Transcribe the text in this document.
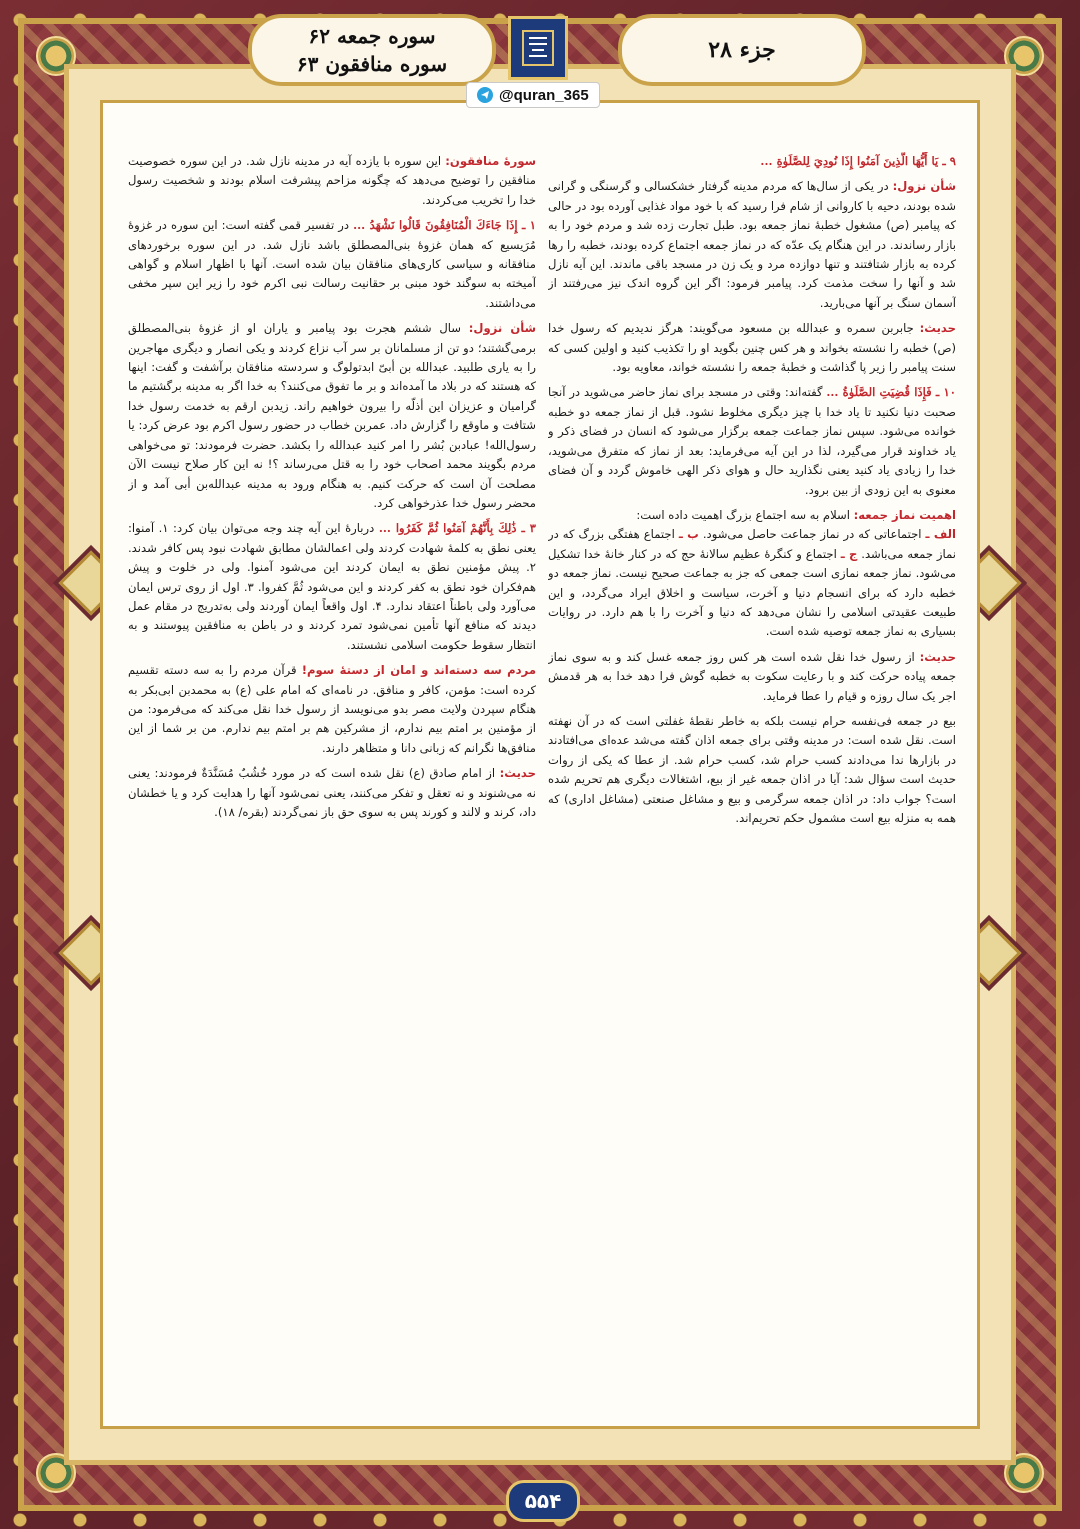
سوره جمعه ۶۲
سوره منافقون ۶۳
جزء ۲۸
@quran_365

۹ ـ يَا أَيُّهَا الَّذِينَ آمَنُوا إِذَا نُودِيَ لِلصَّلَوٰةِ ...

شأن نزول: در یکی از سال‌ها که مردم مدینه گرفتار خشکسالی و گرسنگی و گرانی شده بودند، دحیه با کاروانی از شام فرا رسید که با خود مواد غذایی آورده بود در حالی که پیامبر (ص) مشغول خطبهٔ نماز جمعه بود. طبل تجارت زده شد و مردم خود را به بازار رساندند. در این هنگام یک عدّه که در نماز جمعه اجتماع کرده بودند، خطبه را رها کرده به بازار شتافتند و تنها دوازده مرد و یک زن در مسجد باقی ماندند. این آیه نازل شد و آنها را سخت مذمت کرد. پیامبر فرمود: اگر این گروه اندک نیز می‌رفتند از آسمان سنگ بر آنها می‌بارید.

حدیث: جابربن سمره و عبدالله بن مسعود می‌گویند: هرگز ندیدیم که رسول خدا (ص) خطبه را نشسته بخواند و هر کس چنین بگوید او را تکذیب کنید و اولین کسی که سنت پیامبر را زیر پا گذاشت و خطبهٔ جمعه را نشسته خواند، معاویه بود.

۱۰ ـ فَإِذَا قُضِيَتِ الصَّلَوٰةُ ... گفته‌اند: وقتی در مسجد برای نماز حاضر می‌شوید در آنجا صحبت دنیا نکنید تا یاد خدا با چیز دیگری مخلوط نشود. قبل از نماز جمعه دو خطبه خوانده می‌شود. سپس نماز جماعت جمعه برگزار می‌شود که انسان در فضای ذکر و یاد خداوند قرار می‌گیرد، لذا در این آیه می‌فرماید: بعد از نماز که متفرق می‌شوید، خدا را زیادی یاد کنید یعنی نگذارید حال و هوای ذکر الهی خاموش گردد و آن فضای معنوی به این زودی از بین برود.

اهمیت نماز جمعه: اسلام به سه اجتماع بزرگ اهمیت داده است:
الف ـ اجتماعاتی که در نماز جماعت حاصل می‌شود. ب ـ اجتماع هفتگی بزرگ که در نماز جمعه می‌باشد. ج ـ اجتماع و کنگرهٔ عظیم سالانهٔ حج که در کنار خانهٔ خدا تشکیل می‌شود. نماز جمعه نمازی است جمعی که جز به جماعت صحیح نیست. نماز جمعه دو خطبه دارد که برای انسجام دنیا و آخرت، سیاست و اخلاق ایراد می‌گردد، و این طبیعت عقیدتی اسلامی را نشان می‌دهد که دنیا و آخرت را با هم دارد. در روایات بسیاری به نماز جمعه توصیه شده است.

حدیث: از رسول خدا نقل شده است هر کس روز جمعه غسل کند و به سوی نماز جمعه پیاده حرکت کند و با رعایت سکوت به خطبه گوش فرا دهد خدا به هر قدمش اجر یک سال روزه و قیام را عطا فرماید.

بیع در جمعه فی‌نفسه حرام نیست بلکه به خاطر نقطهٔ غفلتی است که در آن نهفته است. نقل شده است: در مدینه وقتی برای جمعه اذان گفته می‌شد عده‌ای می‌افتادند در بازارها ندا می‌دادند کسب حرام شد، کسب حرام شد. از عطا که یکی از روات حدیث است سؤال شد: آیا در اذان جمعه غیر از بیع، اشتغالات دیگری هم تحریم شده است؟ جواب داد: در اذان جمعه سرگرمی و بیع و مشاغل صنعتی (مشاغل اداری) که همه به منزله بیع است مشمول حکم تحریم‌اند.

سورهٔ منافقون: این سوره با یازده آیه در مدینه نازل شد. در این سوره خصوصیت منافقین را توضیح می‌دهد که چگونه مزاحم پیشرفت اسلام بودند و شخصیت رسول خدا را تخریب می‌کردند.

۱ ـ إِذَا جَاءَكَ الْمُنَافِقُونَ قَالُوا نَشْهَدُ ... در تفسیر قمی گفته است: این سوره در غزوهٔ مُرَیسیع که همان غزوهٔ بنی‌المصطلق باشد نازل شد. در این سوره برخوردهای منافقانه و سیاسی کاری‌های منافقان بیان شده است. آنها با اظهار اسلام و گواهی آمیخته به سوگند خود مبنی بر حقانیت رسالت نبی اکرم خود را زیر این سپر مخفی می‌داشتند.

شأن نزول: سال ششم هجرت بود پیامبر و یاران او از غزوهٔ بنی‌المصطلق برمی‌گشتند؛ دو تن از مسلمانان بر سر آب نزاع کردند و یکی انصار و دیگری مهاجرین را به یاری طلبید. عبدالله بن أبیّ ابدتولوگ و سردسته منافقان برآشفت و گفت: اینها که هستند که در بلاد ما آمده‌اند و بر ما تفوق می‌کنند؟ به خدا اگر به مدینه برگشتیم ما گرامیان و عزیزان این أذلّه را بیرون خواهیم راند. زیدبن ارقم به خدمت رسول خدا شتافت و ماوقع را گزارش داد. عمربن خطاب در حضور رسول اکرم بود عرض کرد: یا رسول‌الله! عبادبن بُشر را امر کنید عبدالله را بکشد. حضرت فرمودند: تو می‌خواهی مردم بگویند محمد اصحاب خود را به قتل می‌رساند ؟! نه این کار صلاح نیست الآن مصلحت آن است که حرکت کنیم. به هنگام ورود به مدینه عبدالله‌بن أبی آمد و از محضر رسول خدا عذرخواهی کرد.

۳ ـ ذَٰلِكَ بِأَنَّهُمْ آمَنُوا ثُمَّ كَفَرُوا ... دربارهٔ این آیه چند وجه می‌توان بیان کرد: ۱. آمنوا: یعنی نطق به کلمهٔ شهادت کردند ولی اعمالشان مطابق شهادت نبود پس کافر شدند. ۲. پیش مؤمنین نطق به ایمان کردند این می‌شود آمنوا. ولی در خلوت و پیش هم‌فکران خود نطق به کفر کردند و این می‌شود ثُمَّ کفروا. ۳. اول از روی ترس ایمان می‌آورد ولی باطناً اعتقاد ندارد. ۴. اول واقعاً ایمان آوردند ولی به‌تدریج در مقام عمل دیدند که منافع آنها تأمین نمی‌شود تمرد کردند و در باطن به منافقین پیوستند و به انتظار سقوط حکومت اسلامی نشستند.

مردم سه دسته‌اند و امان از دستهٔ سوم! قرآن مردم را به سه دسته تقسیم کرده است: مؤمن، کافر و منافق. در نامه‌ای که امام علی (ع) به محمدبن ابی‌بکر به هنگام سپردن ولایت مصر بدو می‌نویسد از رسول خدا نقل می‌کند که می‌فرمود: من از مؤمنین بر امتم بیم ندارم، از مشرکین هم بر امتم بیم ندارم. من بر شما از این منافق‌ها نگرانم که زبانی دانا و متظاهر دارند.

حدیث: از امام صادق (ع) نقل شده است که در مورد خُشُبٌ مُسَنَّدَةٌ فرمودند: یعنی نه می‌شنوند و نه تعقل و تفکر می‌کنند، یعنی نمی‌شود آنها را هدایت کرد و یا خطشان داد، کرند و لالند و کورند پس به سوی حق باز نمی‌گردند (بقره/ ۱۸).

۵۵۴
